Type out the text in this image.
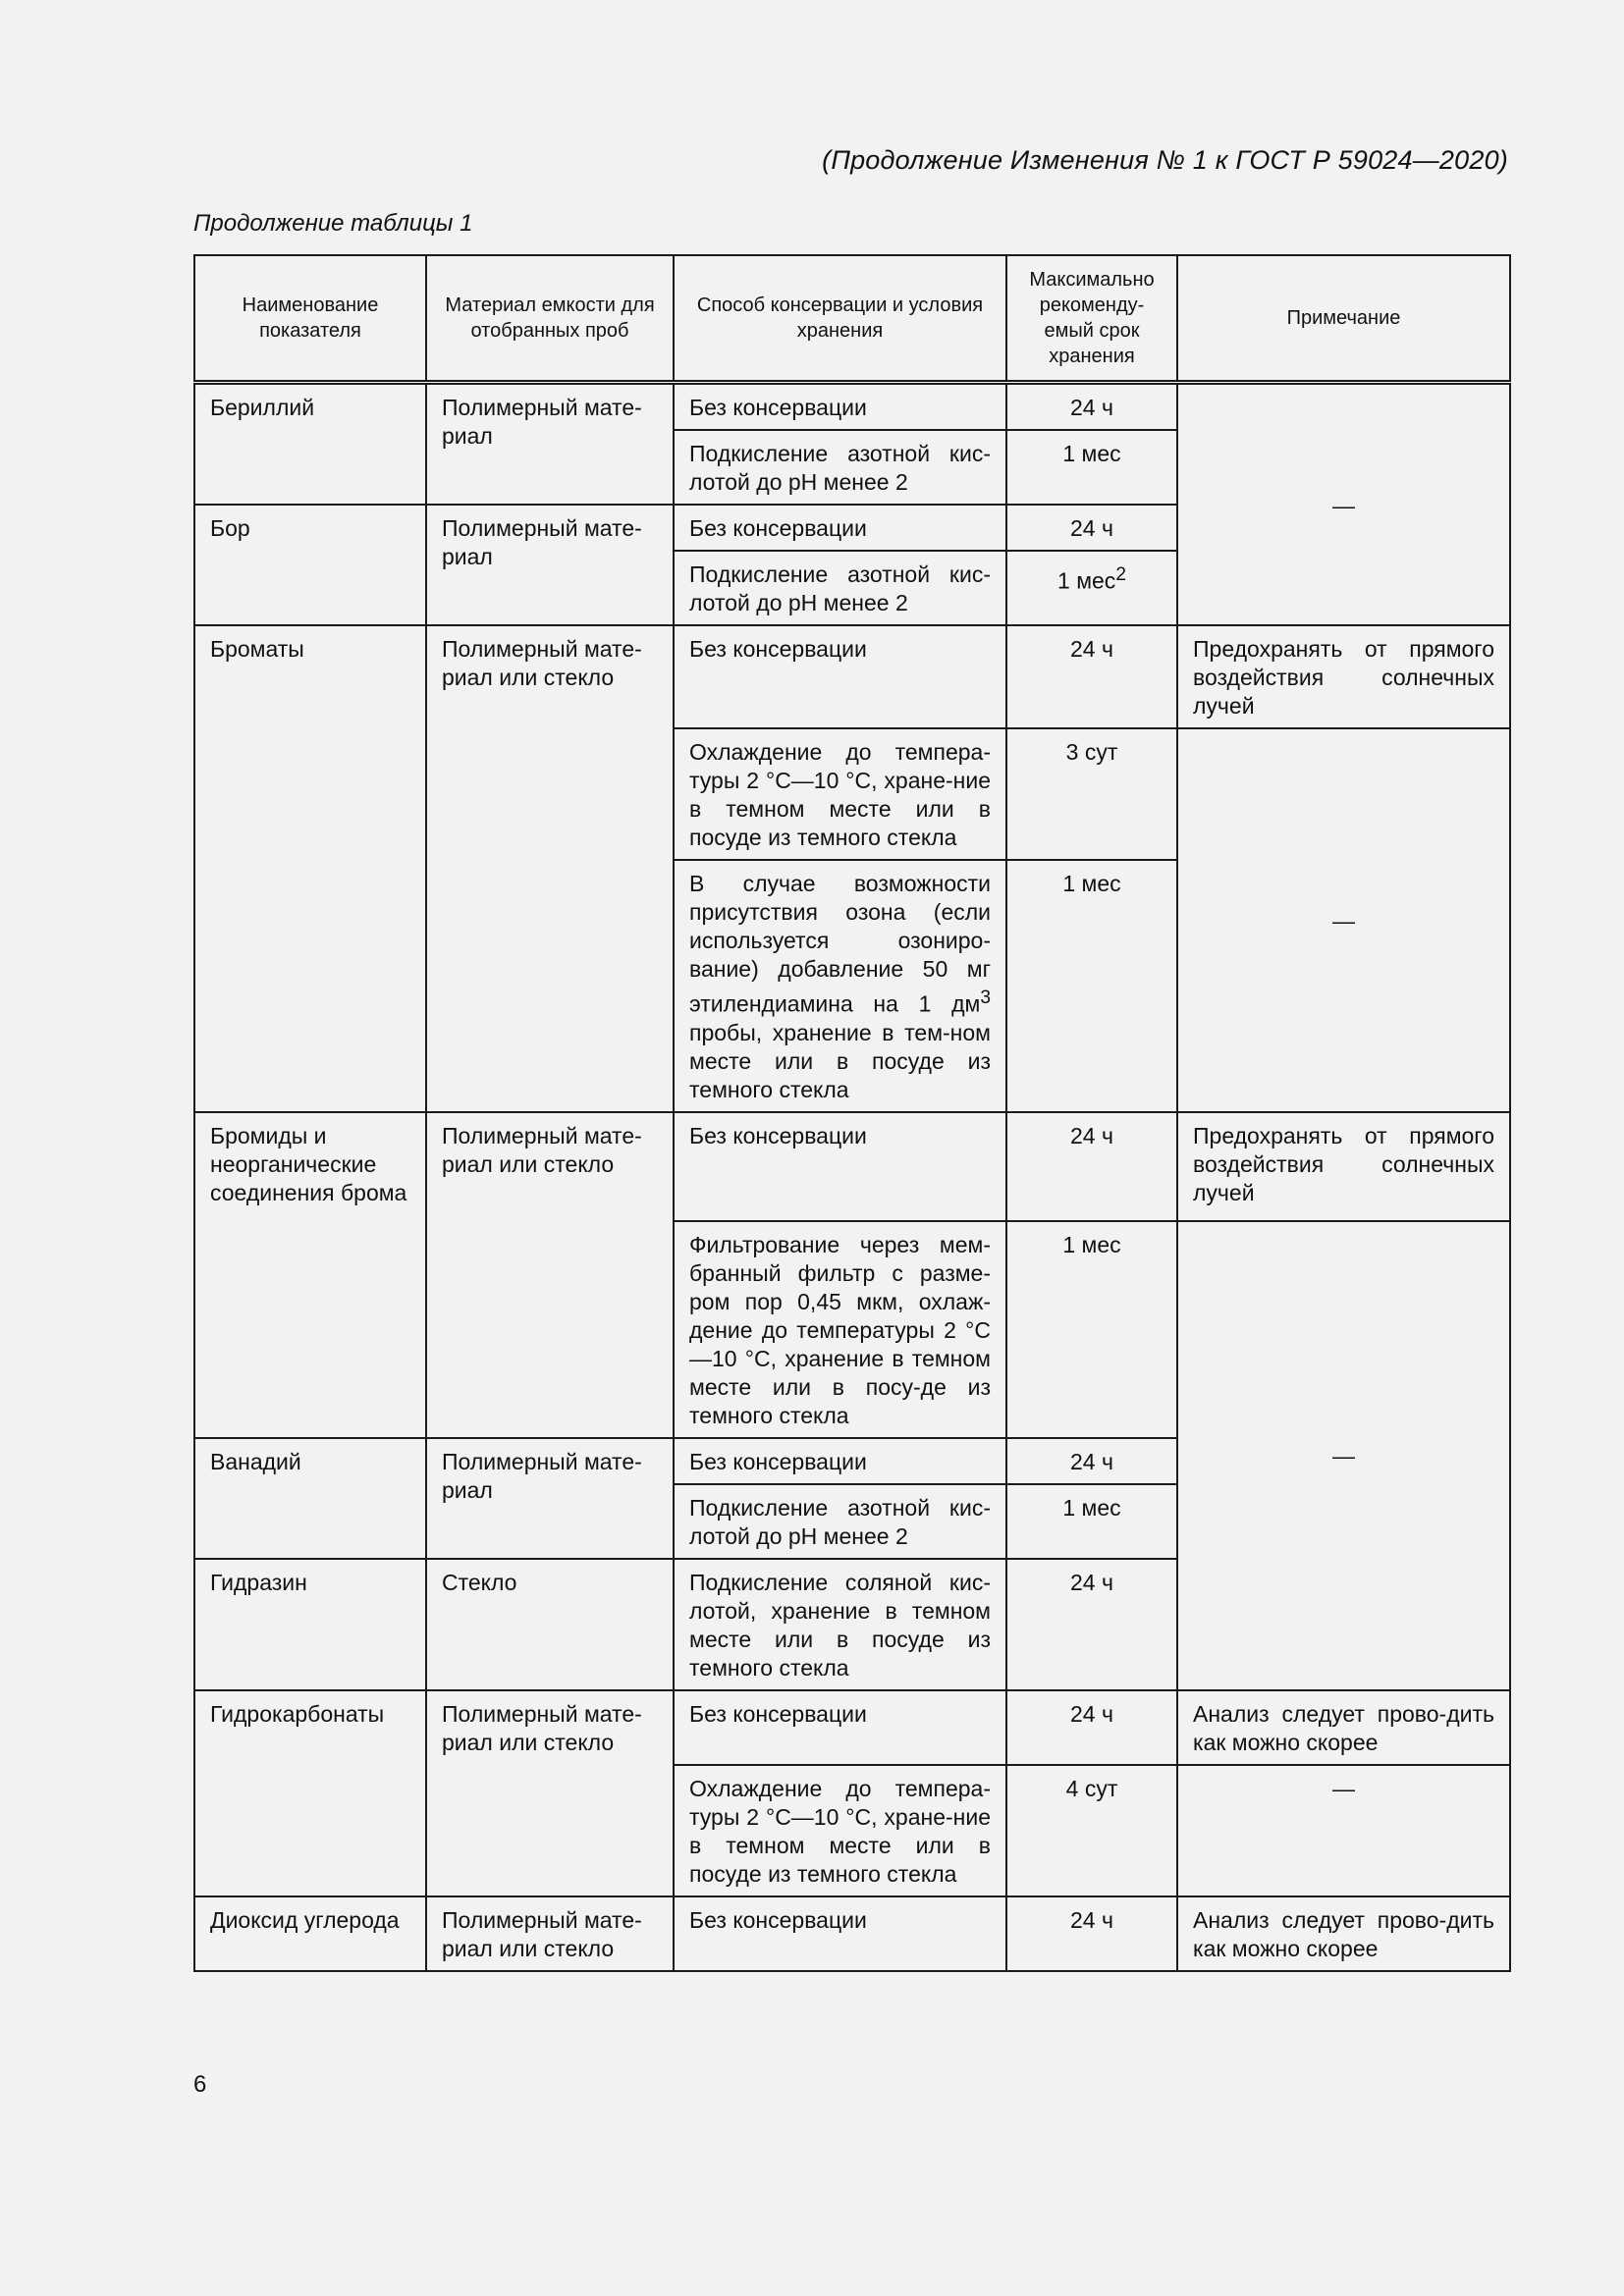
(Продолжение Изменения № 1 к ГОСТ Р 59024—2020)
Продолжение таблицы 1
Наименование показателя	Материал емкости для отобранных проб	Способ консервации и условия хранения	Максимально рекоменду-емый срок хранения	Примечание
Бериллий	Полимерный мате-риал	Без консервации	24 ч	—
		Подкисление азотной кис-лотой до pH менее 2	1 мес	
Бор	Полимерный мате-риал	Без консервации	24 ч	
		Подкисление азотной кис-лотой до pH менее 2	1 мес$^2$
Броматы	Полимерный мате-риал или стекло	Без консервации	24 ч	Предохранять от прямого воздействия солнечных лучей
		Охлаждение до темпера-туры 2 °С—10 °С, хране-ние в темном месте или в посуде из темного стекла	3 сут	—
		В случае возможности присутствия озона (если используется озониро-вание) добавление 50 мг этилендиамина на 1 $дм^3$ пробы, хранение в тем-ном месте или в посуде из темного стекла	1 мес	
Бромиды и неорганические соединения брома	Полимерный мате-риал или стекло	Без консервации	24 ч	Предохранять от прямого воздействия солнечных лучей
		Фильтрование через мем-бранный фильтр с разме-ром пор 0,45 мкм, охлаж-дение до температуры 2 °С—10 °С, хранение в темном месте или в посу-де из темного стекла	1 мес	—
Ванадий	Полимерный мате-риал	Без консервации	24 ч	
		Подкисление азотной кис-лотой до pH менее 2	1 мес	
Гидразин	Стекло	Подкисление соляной кис-лотой, хранение в темном месте или в посуде из темного стекла	24 ч	
Гидрокарбонаты	Полимерный мате-риал или стекло	Без консервации	24 ч	Анализ следует прово-дить как можно скорее
		Охлаждение до темпера-туры 2 °С—10 °С, хране-ние в темном месте или в посуде из темного стекла	4 сут	—
Диоксид углерода	Полимерный мате-риал или стекло	Без консервации	24 ч	Анализ следует прово-дить как можно скорее
6
